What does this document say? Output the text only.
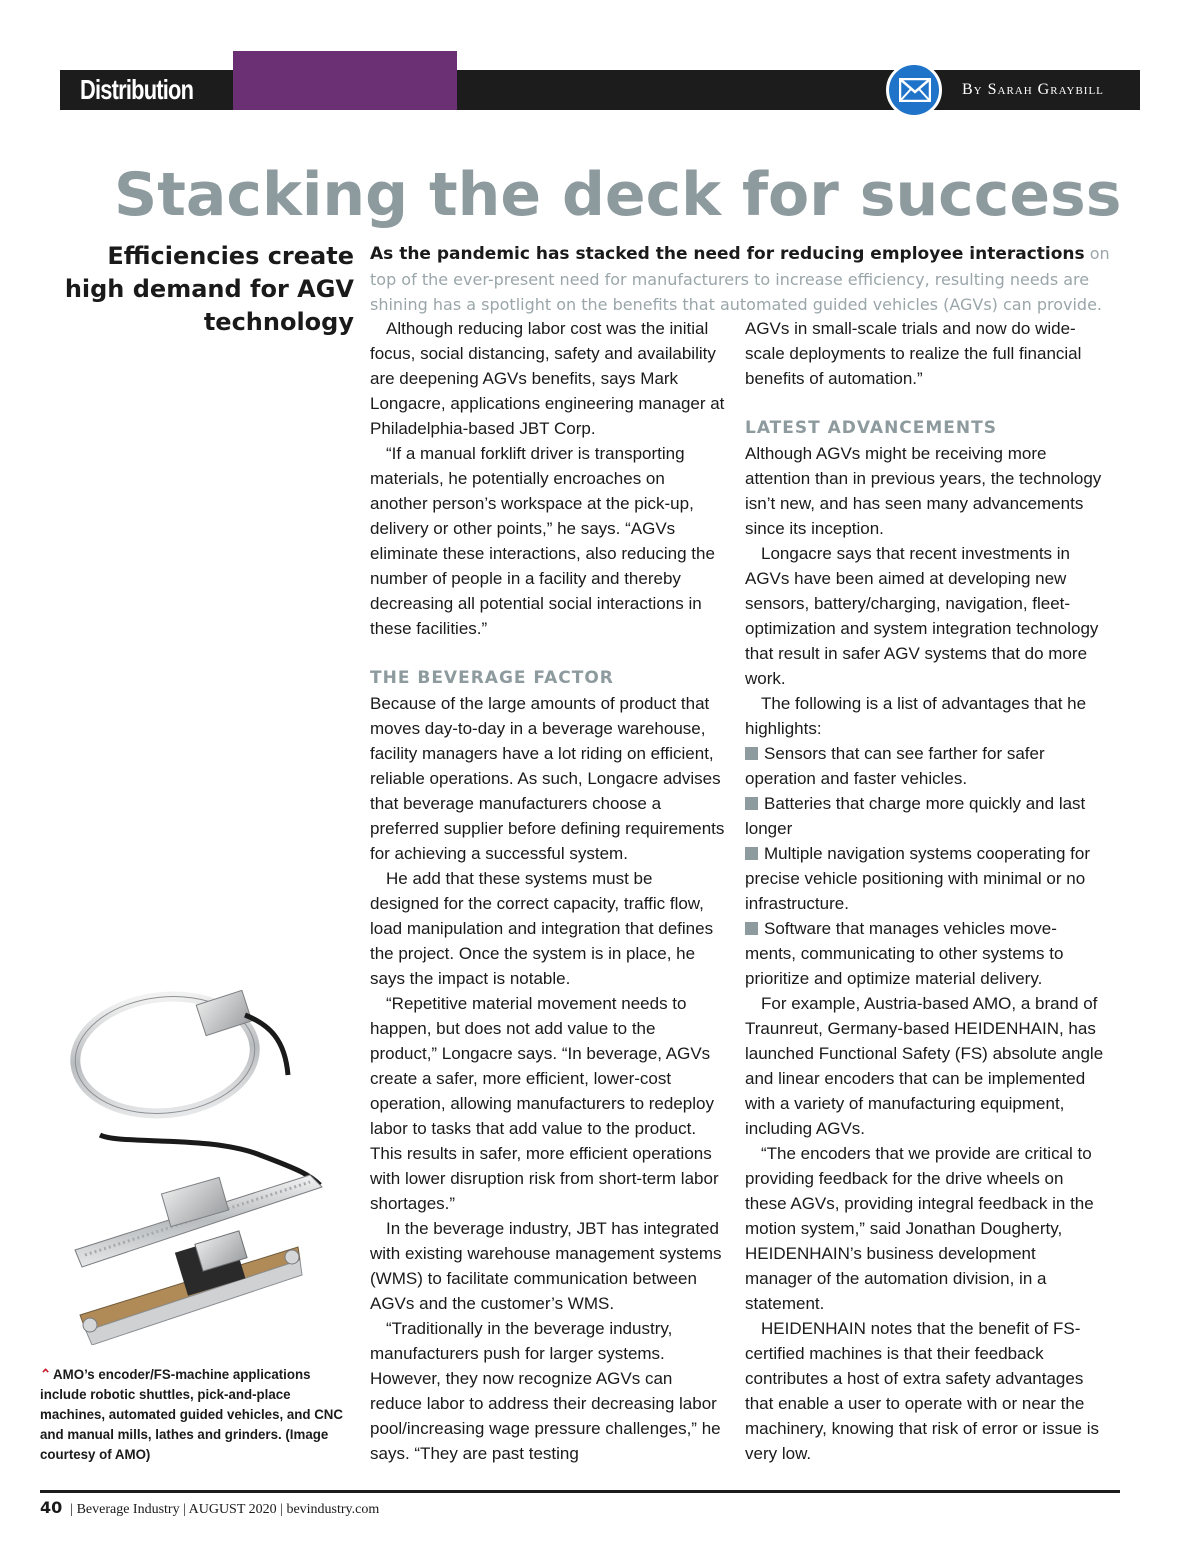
Distribution	By Sarah Graybill
Stacking the deck for success
Efficiencies create high demand for AGV technology
As the pandemic has stacked the need for reducing employee interactions on top of the ever-present need for manufacturers to increase efficiency, resulting needs are shining has a spotlight on the benefits that automated guided vehicles (AGVs) can provide.

Although reducing labor cost was the initial focus, social distancing, safety and availability are deepening AGVs benefits, says Mark Longacre, applications engineering manager at Philadelphia-based JBT Corp.

“If a manual forklift driver is transporting materials, he potentially encroaches on another person’s workspace at the pick-up, delivery or other points,” he says. “AGVs eliminate these interactions, also reducing the number of people in a facility and thereby decreasing all potential social interactions in these facilities.”

THE BEVERAGE FACTOR

Because of the large amounts of product that moves day-to-day in a beverage warehouse, facility managers have a lot riding on efficient, reliable operations. As such, Longacre advises that beverage manufacturers choose a preferred supplier before defining requirements for achieving a successful system.

He add that these systems must be designed for the correct capacity, traffic flow, load manipulation and integration that defines the project. Once the system is in place, he says the impact is notable.

“Repetitive material movement needs to happen, but does not add value to the product,” Longacre says. “In beverage, AGVs create a safer, more efficient, lower-cost operation, allowing manufacturers to redeploy labor to tasks that add value to the product. This results in safer, more efficient operations with lower disruption risk from short-term labor shortages.”

In the beverage industry, JBT has integrated with existing warehouse management systems (WMS) to facilitate communication between AGVs and the customer’s WMS.

“Traditionally in the beverage industry, manufacturers push for larger systems. However, they now recognize AGVs can reduce labor to address their decreasing labor pool/increasing wage pressure challenges,” he says. “They are past testing

AGVs in small-scale trials and now do wide-scale deployments to realize the full financial benefits of automation.”

LATEST ADVANCEMENTS

Although AGVs might be receiving more attention than in previous years, the technology isn’t new, and has seen many advancements since its inception.

Longacre says that recent investments in AGVs have been aimed at developing new sensors, battery/charging, navigation, fleet-optimization and system integration technology that result in safer AGV systems that do more work.

The following is a list of advantages that he highlights:

Sensors that can see farther for safer operation and faster vehicles.

Batteries that charge more quickly and last longer

Multiple navigation systems cooperating for precise vehicle positioning with minimal or no infrastructure.

Software that manages vehicles move-ments, communicating to other systems to prioritize and optimize material delivery.

For example, Austria-based AMO, a brand of Traunreut, Germany-based HEIDENHAIN, has launched Functional Safety (FS) absolute angle and linear encoders that can be implemented with a variety of manufacturing equipment, including AGVs.

“The encoders that we provide are critical to providing feedback for the drive wheels on these AGVs, providing integral feedback in the motion system,” said Jonathan Dougherty, HEIDENHAIN’s business development manager of the automation division, in a statement.

HEIDENHAIN notes that the benefit of FS-certified machines is that their feedback contributes a host of extra safety advantages that enable a user to operate with or near the machinery, knowing that risk of error or issue is very low.

⌃ AMO’s encoder/FS-machine applications include robotic shuttles, pick-and-place machines, automated guided vehicles, and CNC and manual mills, lathes and grinders. (Image courtesy of AMO)
40 | Beverage Industry | AUGUST 2020 | bevindustry.com
